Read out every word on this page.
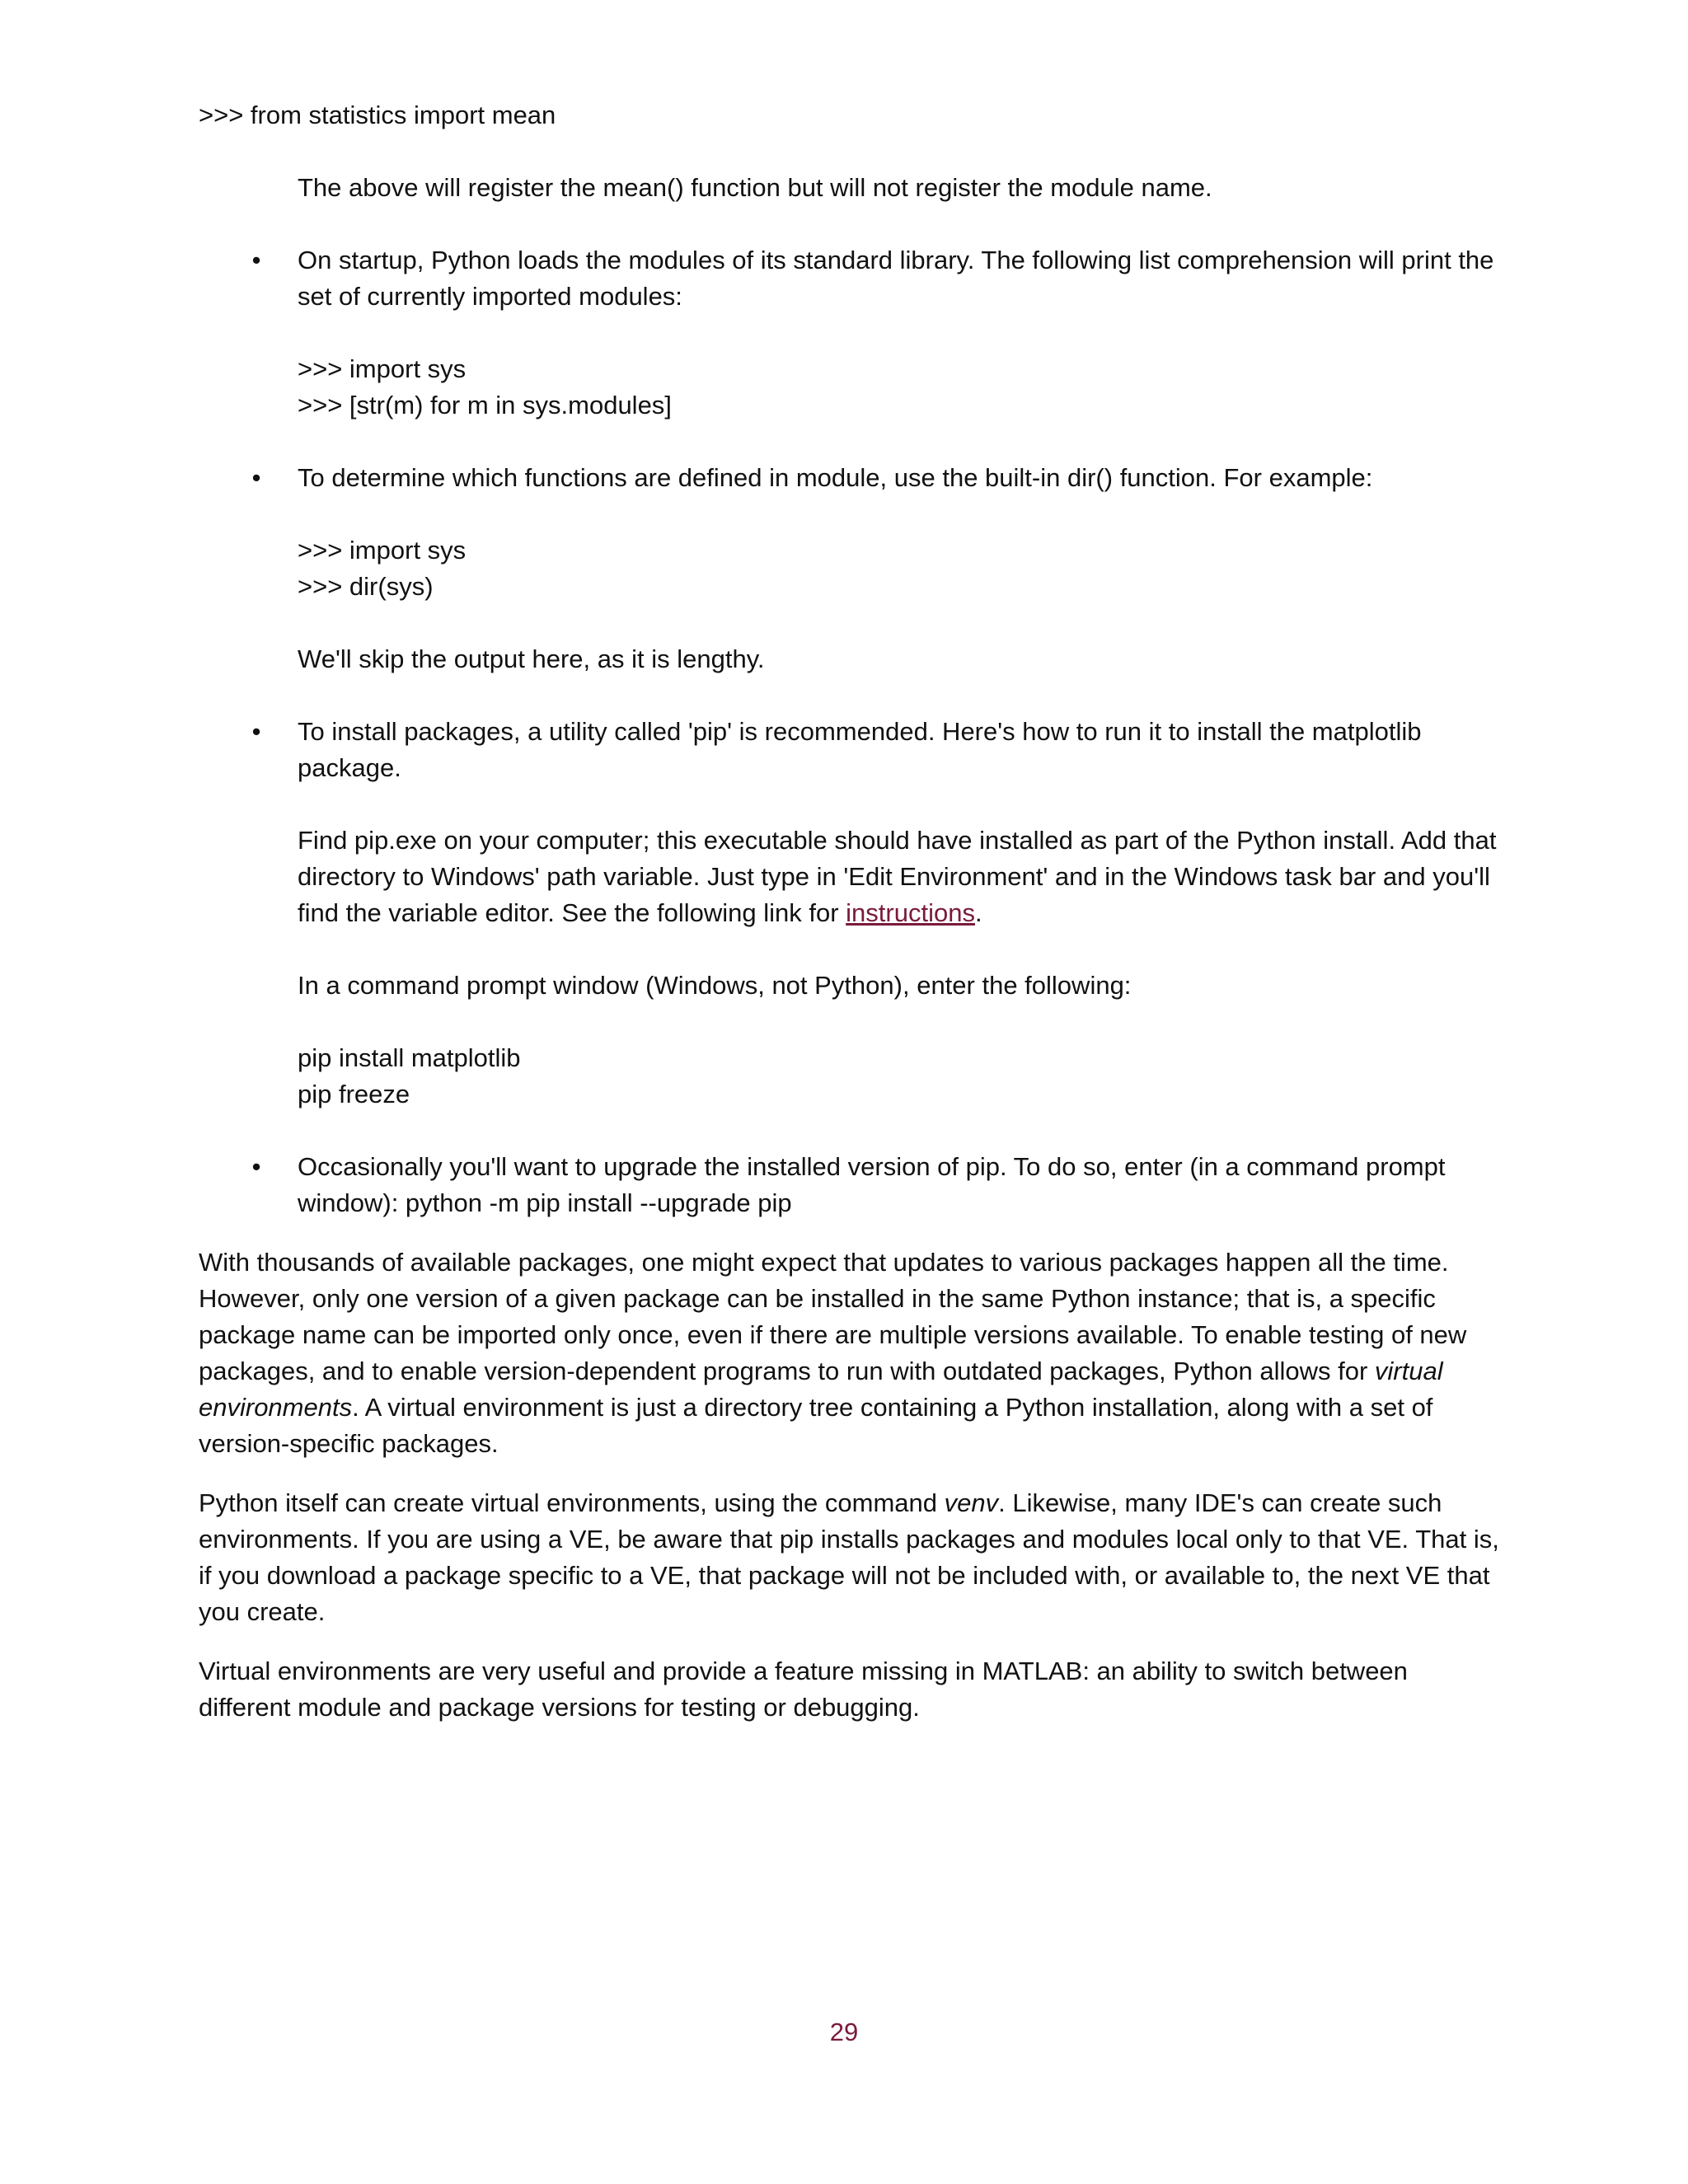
>>> from statistics import mean

The above will register the mean() function but will not register the module name.

• On startup, Python loads the modules of its standard library. The following list comprehension will print the set of currently imported modules:

>>> import sys

>>> [str(m) for m in sys.modules]

• To determine which functions are defined in module, use the built-in dir() function. For example:

>>> import sys

>>> dir(sys)

We'll skip the output here, as it is lengthy.

• To install packages, a utility called 'pip' is recommended. Here's how to run it to install the matplotlib package.

Find pip.exe on your computer; this executable should have installed as part of the Python install. Add that directory to Windows' path variable. Just type in 'Edit Environment' and in the Windows task bar and you'll find the variable editor. See the following link for instructions.

In a command prompt window (Windows, not Python), enter the following:

pip install matplotlib

pip freeze

• Occasionally you'll want to upgrade the installed version of pip. To do so, enter (in a command prompt window): python -m pip install --upgrade pip

With thousands of available packages, one might expect that updates to various packages happen all the time. However, only one version of a given package can be installed in the same Python instance; that is, a specific package name can be imported only once, even if there are multiple versions available. To enable testing of new packages, and to enable version-dependent programs to run with outdated packages, Python allows for virtual environments. A virtual environment is just a directory tree containing a Python installation, along with a set of version-specific packages.

Python itself can create virtual environments, using the command venv. Likewise, many IDE's can create such environments. If you are using a VE, be aware that pip installs packages and modules local only to that VE. That is, if you download a package specific to a VE, that package will not be included with, or available to, the next VE that you create.

Virtual environments are very useful and provide a feature missing in MATLAB: an ability to switch between different module and package versions for testing or debugging.

29
